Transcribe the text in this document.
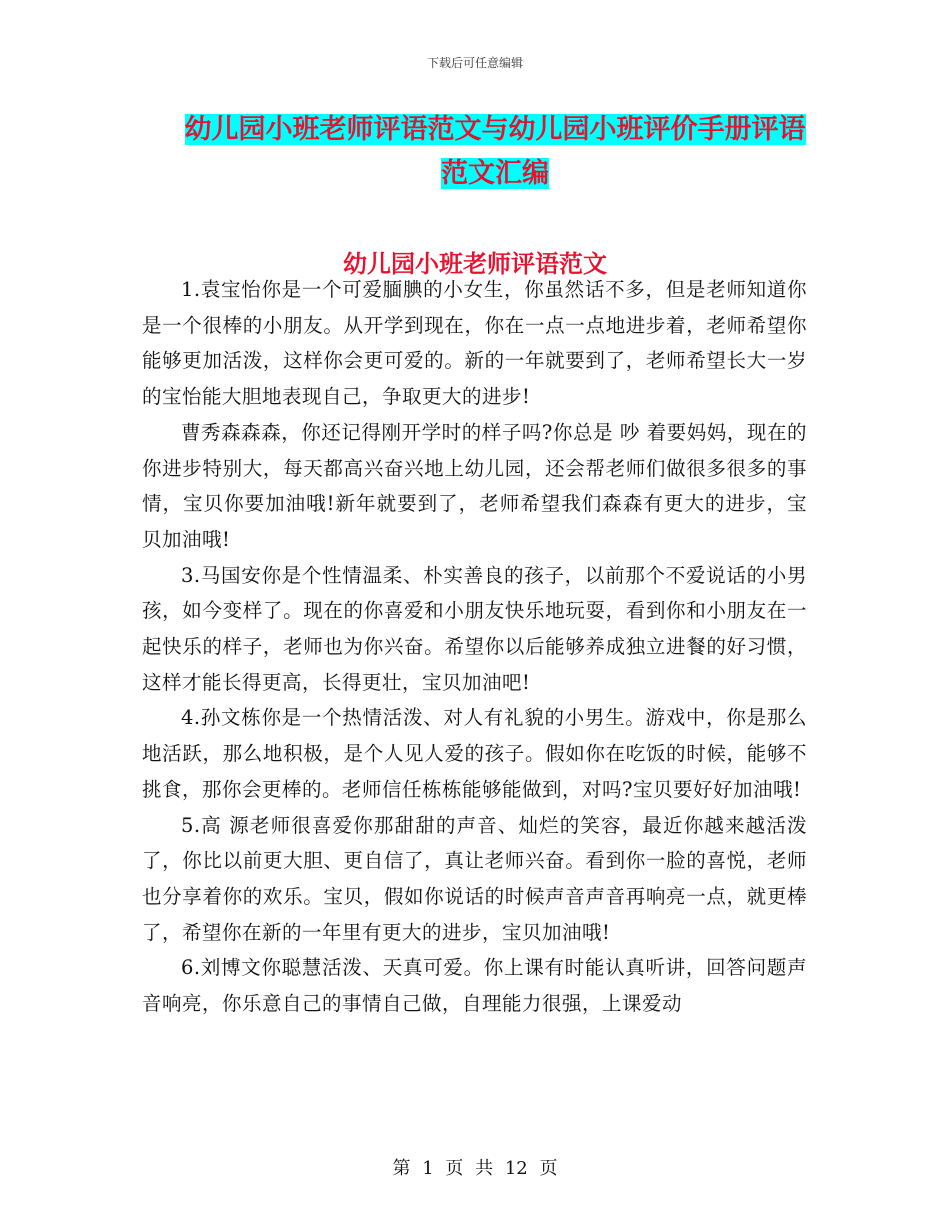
下载后可任意编辑
幼儿园小班老师评语范文与幼儿园小班评价手册评语
范文汇编
幼儿园小班老师评语范文

1.袁宝怡你是一个可爱腼腆的小女生，你虽然话不多，但是老师知道你是一个很棒的小朋友。从开学到现在，你在一点一点地进步着，老师希望你能够更加活泼，这样你会更可爱的。新的一年就要到了，老师希望长大一岁的宝怡能大胆地表现自己，争取更大的进步!

曹秀森森森，你还记得刚开学时的样子吗?你总是 吵 着要妈妈，现在的你进步特别大，每天都高兴奋兴地上幼儿园，还会帮老师们做很多很多的事情，宝贝你要加油哦!新年就要到了，老师希望我们森森有更大的进步，宝贝加油哦!

3.马国安你是个性情温柔、朴实善良的孩子，以前那个不爱说话的小男孩，如今变样了。现在的你喜爱和小朋友快乐地玩耍，看到你和小朋友在一起快乐的样子，老师也为你兴奋。希望你以后能够养成独立进餐的好习惯，这样才能长得更高，长得更壮，宝贝加油吧!

4.孙文栋你是一个热情活泼、对人有礼貌的小男生。游戏中，你是那么地活跃，那么地积极，是个人见人爱的孩子。假如你在吃饭的时候，能够不挑食，那你会更棒的。老师信任栋栋能够能做到，对吗?宝贝要好好加油哦!

5.高 源老师很喜爱你那甜甜的声音、灿烂的笑容，最近你越来越活泼了，你比以前更大胆、更自信了，真让老师兴奋。看到你一脸的喜悦，老师也分享着你的欢乐。宝贝，假如你说话的时候声音声音再响亮一点，就更棒了，希望你在新的一年里有更大的进步，宝贝加油哦!

6.刘博文你聪慧活泼、天真可爱。你上课有时能认真听讲，回答问题声音响亮，你乐意自己的事情自己做，自理能力很强，上课爱动

第 1 页 共 12 页
